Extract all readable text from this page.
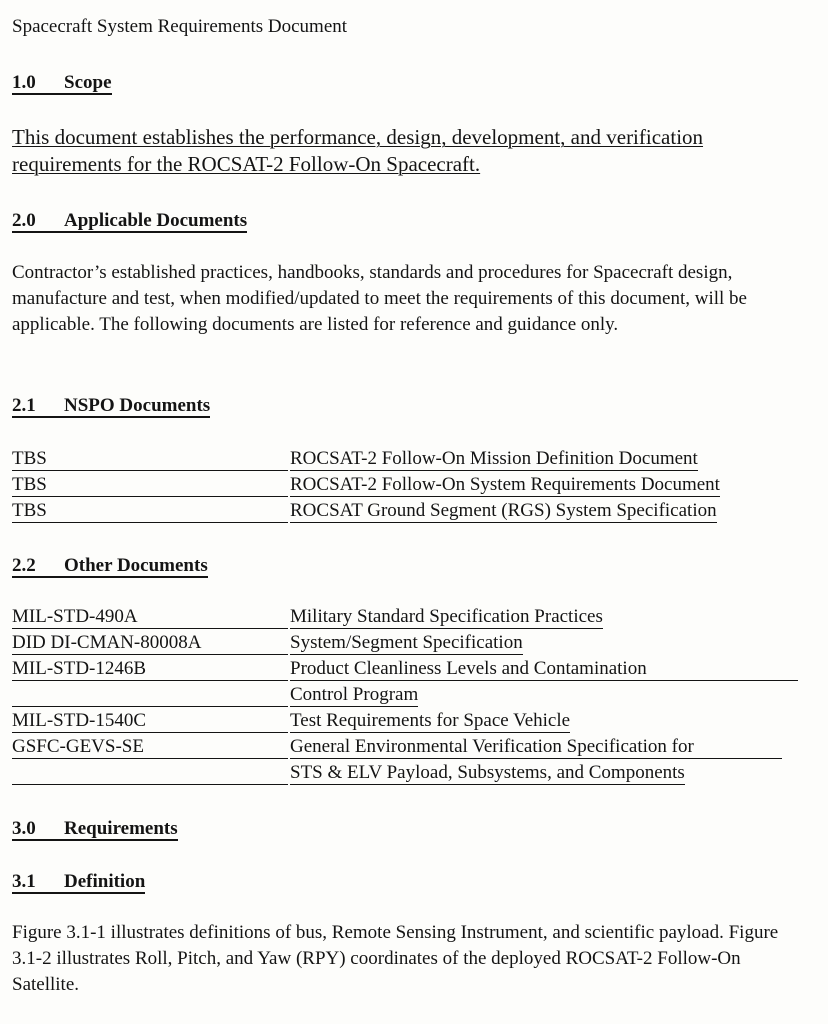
Spacecraft System Requirements Document
1.0 Scope
This document establishes the performance, design, development, and verification requirements for the ROCSAT-2 Follow-On Spacecraft.
2.0 Applicable Documents
Contractor’s established practices, handbooks, standards and procedures for Spacecraft design, manufacture and test, when modified/updated to meet the requirements of this document, will be applicable. The following documents are listed for reference and guidance only.
2.1 NSPO Documents
TBS	ROCSAT-2 Follow-On Mission Definition Document
TBS	ROCSAT-2 Follow-On System Requirements Document
TBS	ROCSAT Ground Segment (RGS) System Specification
2.2 Other Documents
MIL-STD-490A	Military Standard Specification Practices
DID DI-CMAN-80008A	System/Segment Specification
MIL-STD-1246B	Product Cleanliness Levels and Contamination
Control Program
MIL-STD-1540C	Test Requirements for Space Vehicle
GSFC-GEVS-SE	General Environmental Verification Specification for
STS & ELV Payload, Subsystems, and Components
3.0 Requirements
3.1 Definition
Figure 3.1-1 illustrates definitions of bus, Remote Sensing Instrument, and scientific payload. Figure 3.1-2 illustrates Roll, Pitch, and Yaw (RPY) coordinates of the deployed ROCSAT-2 Follow-On Satellite.
